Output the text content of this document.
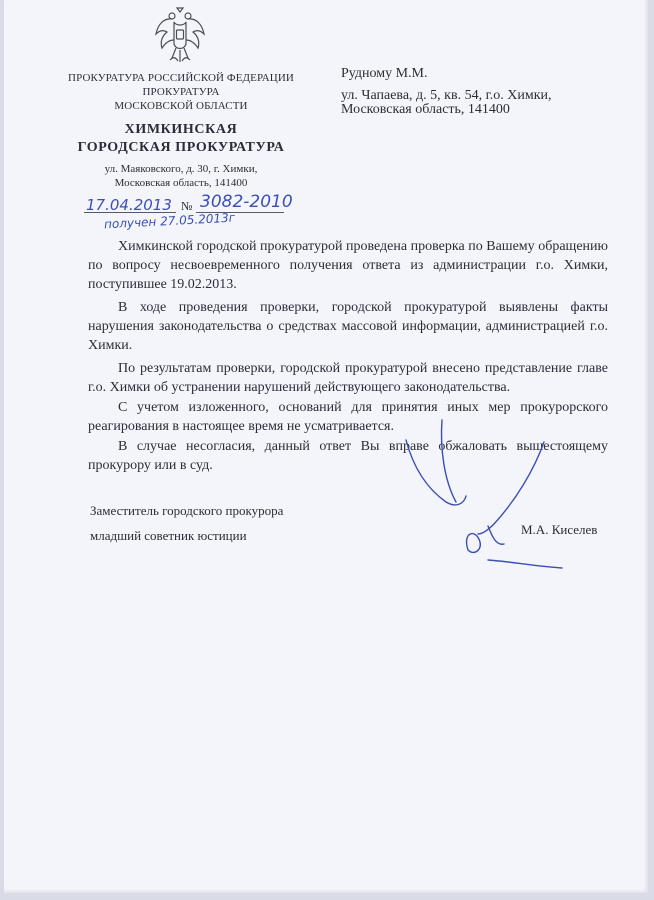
ПРОКУРАТУРА РОССИЙСКОЙ ФЕДЕРАЦИИ
ПРОКУРАТУРА
МОСКОВСКОЙ ОБЛАСТИ
ХИМКИНСКАЯ
ГОРОДСКАЯ ПРОКУРАТУРА
ул. Маяковского, д. 30, г. Химки,
Московская область, 141400
17.04.2013 № 3082-2010
получен 27.05.2013г
Рудному М.М.
ул. Чапаева, д. 5, кв. 54, г.о. Химки,
Московская область, 141400
Химкинской городской прокуратурой проведена проверка по Вашему обращению по вопросу несвоевременного получения ответа из администрации г.о. Химки, поступившее 19.02.2013.
В ходе проведения проверки, городской прокуратурой выявлены факты нарушения законодательства о средствах массовой информации, администрацией г.о. Химки.
По результатам проверки, городской прокуратурой внесено представление главе г.о. Химки об устранении нарушений действующего законодательства.
С учетом изложенного, оснований для принятия иных мер прокурорского реагирования в настоящее время не усматривается.
В случае несогласия, данный ответ Вы вправе обжаловать вышестоящему прокурору или в суд.
Заместитель городского прокурора
младший советник юстиции	М.А. Киселев
